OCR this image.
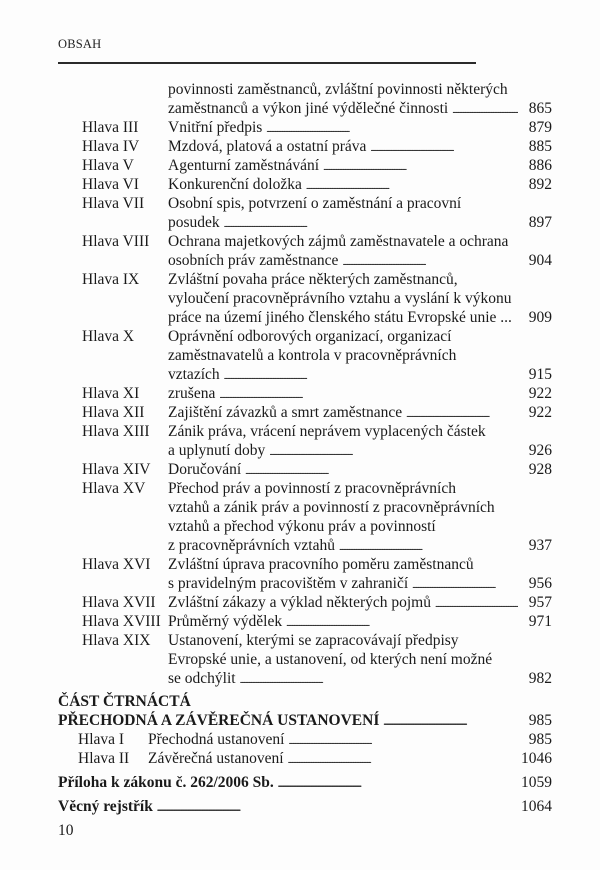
OBSAH
povinnosti zaměstnanců, zvláštní povinnosti některých
zaměstnanců a výkon jiné výdělečné činnosti . . .	865
Hlava III Vnitřní předpis . . .	879
Hlava IV Mzdová, platová a ostatní práva . . .	885
Hlava V Agenturní zaměstnávání . . .	886
Hlava VI Konkurenční doložka . . .	892
Hlava VII Osobní spis, potvrzení o zaměstnání a pracovní
posudek . . .	897
Hlava VIII Ochrana majetkových zájmů zaměstnavatele a ochrana
osobních práv zaměstnance . . .	904
Hlava IX Zvláštní povaha práce některých zaměstnanců,
vyloučení pracovněprávního vztahu a vyslání k výkonu
práce na území jiného členského státu Evropské unie ... 909
Hlava X Oprávnění odborových organizací, organizací
zaměstnavatelů a kontrola v pracovněprávních
vztazích . . .	915
Hlava XI zrušena . . .	922
Hlava XII Zajištění závazků a smrt zaměstnance . . .	922
Hlava XIII Zánik práva, vrácení neprávem vyplacených částek
a uplynutí doby . . .	926
Hlava XIV Doručování . . .	928
Hlava XV Přechod práv a povinností z pracovněprávních
vztahů a zánik práv a povinností z pracovněprávních
vztahů a přechod výkonu práv a povinností
z pracovněprávních vztahů . . .	937
Hlava XVI Zvláštní úprava pracovního poměru zaměstnanců
s pravidelným pracovištěm v zahraničí . . .	956
Hlava XVII Zvláštní zákazy a výklad některých pojmů . . .	957
Hlava XVIII Průměrný výdělek . . .	971
Hlava XIX Ustanovení, kterými se zapracovávají předpisy
Evropské unie, a ustanovení, od kterých není možné
se odchýlit . . .	982
ČÁST ČTRNÁCTÁ
PŘECHODNÁ A ZÁVĚREČNÁ USTANOVENÍ . . .	985
Hlava I Přechodná ustanovení . . .	985
Hlava II Závěrečná ustanovení . . .	1046
Příloha k zákonu č. 262/2006 Sb. . . .	1059
Věcný rejstřík . . .	1064
10
